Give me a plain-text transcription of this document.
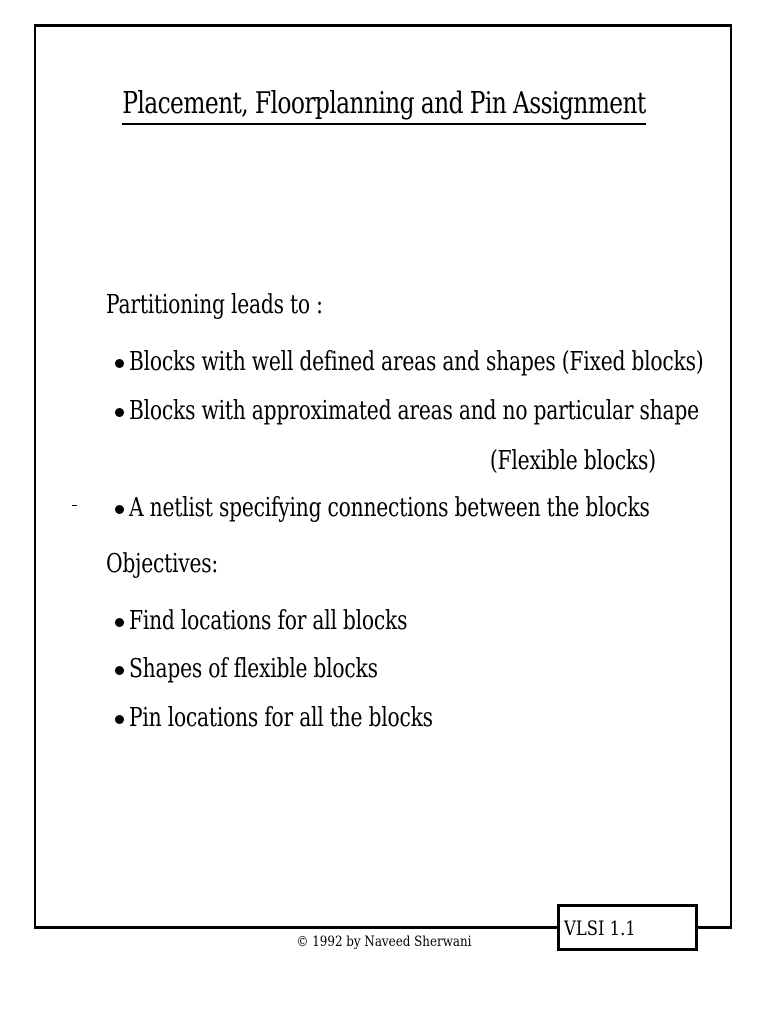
Placement, Floorplanning and Pin Assignment
Partitioning leads to :
Blocks with well defined areas and shapes (Fixed blocks)
Blocks with approximated areas and no particular shape
(Flexible blocks)
A netlist specifying connections between the blocks
Objectives:
Find locations for all blocks
Shapes of flexible blocks
Pin locations for all the blocks
© 1992 by Naveed Sherwani
VLSI 1.1
